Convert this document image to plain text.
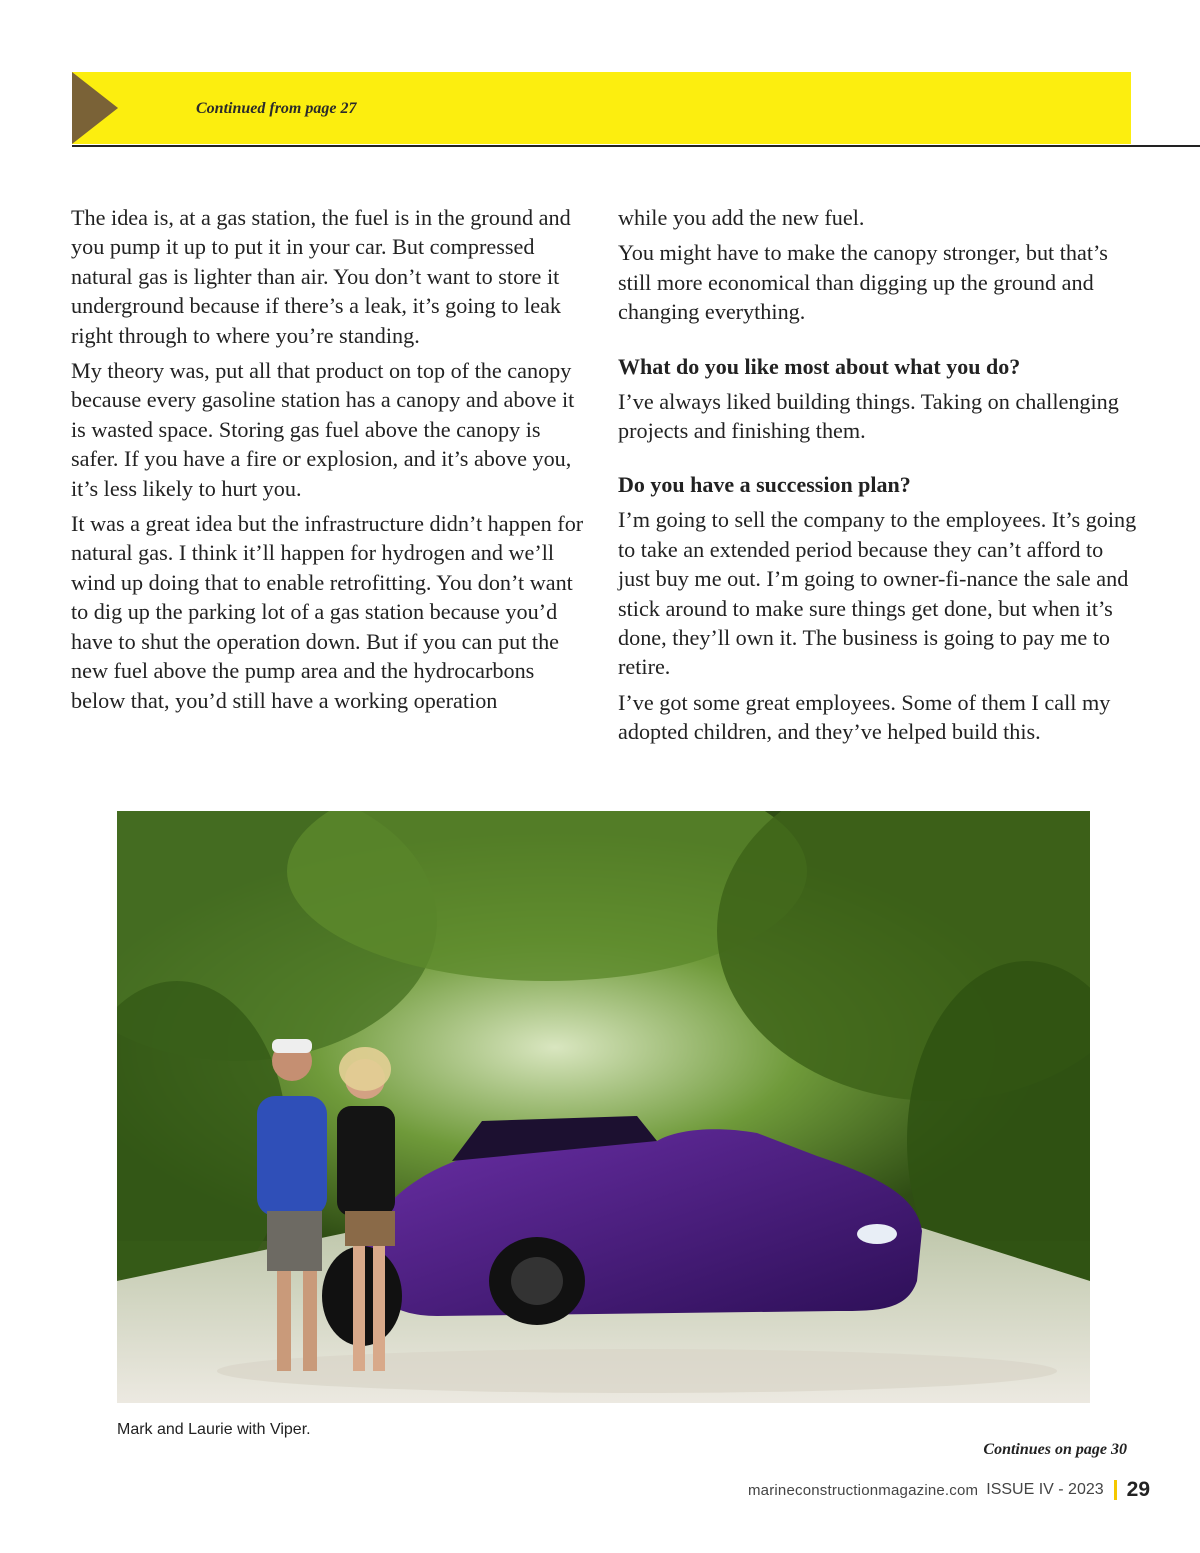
Continued from page 27

The idea is, at a gas station, the fuel is in the ground and you pump it up to put it in your car. But compressed natural gas is lighter than air. You don’t want to store it underground because if there’s a leak, it’s going to leak right through to where you’re standing.

My theory was, put all that product on top of the canopy because every gasoline station has a canopy and above it is wasted space. Storing gas fuel above the canopy is safer. If you have a fire or explosion, and it’s above you, it’s less likely to hurt you.

It was a great idea but the infrastructure didn’t happen for natural gas. I think it’ll happen for hydrogen and we’ll wind up doing that to enable retrofitting. You don’t want to dig up the parking lot of a gas station because you’d have to shut the operation down. But if you can put the new fuel above the pump area and the hydrocarbons below that, you’d still have a working operation

while you add the new fuel.

You might have to make the canopy stronger, but that’s still more economical than digging up the ground and changing everything.

What do you like most about what you do?

I’ve always liked building things. Taking on challenging projects and finishing them.

Do you have a succession plan?

I’m going to sell the company to the employees. It’s going to take an extended period because they can’t afford to just buy me out. I’m going to owner-fi-nance the sale and stick around to make sure things get done, but when it’s done, they’ll own it. The business is going to pay me to retire.

I’ve got some great employees. Some of them I call my adopted children, and they’ve helped build this.

Mark and Laurie with Viper.
Continues on page 30
marineconstructionmagazine.com ISSUE IV - 2023 29
